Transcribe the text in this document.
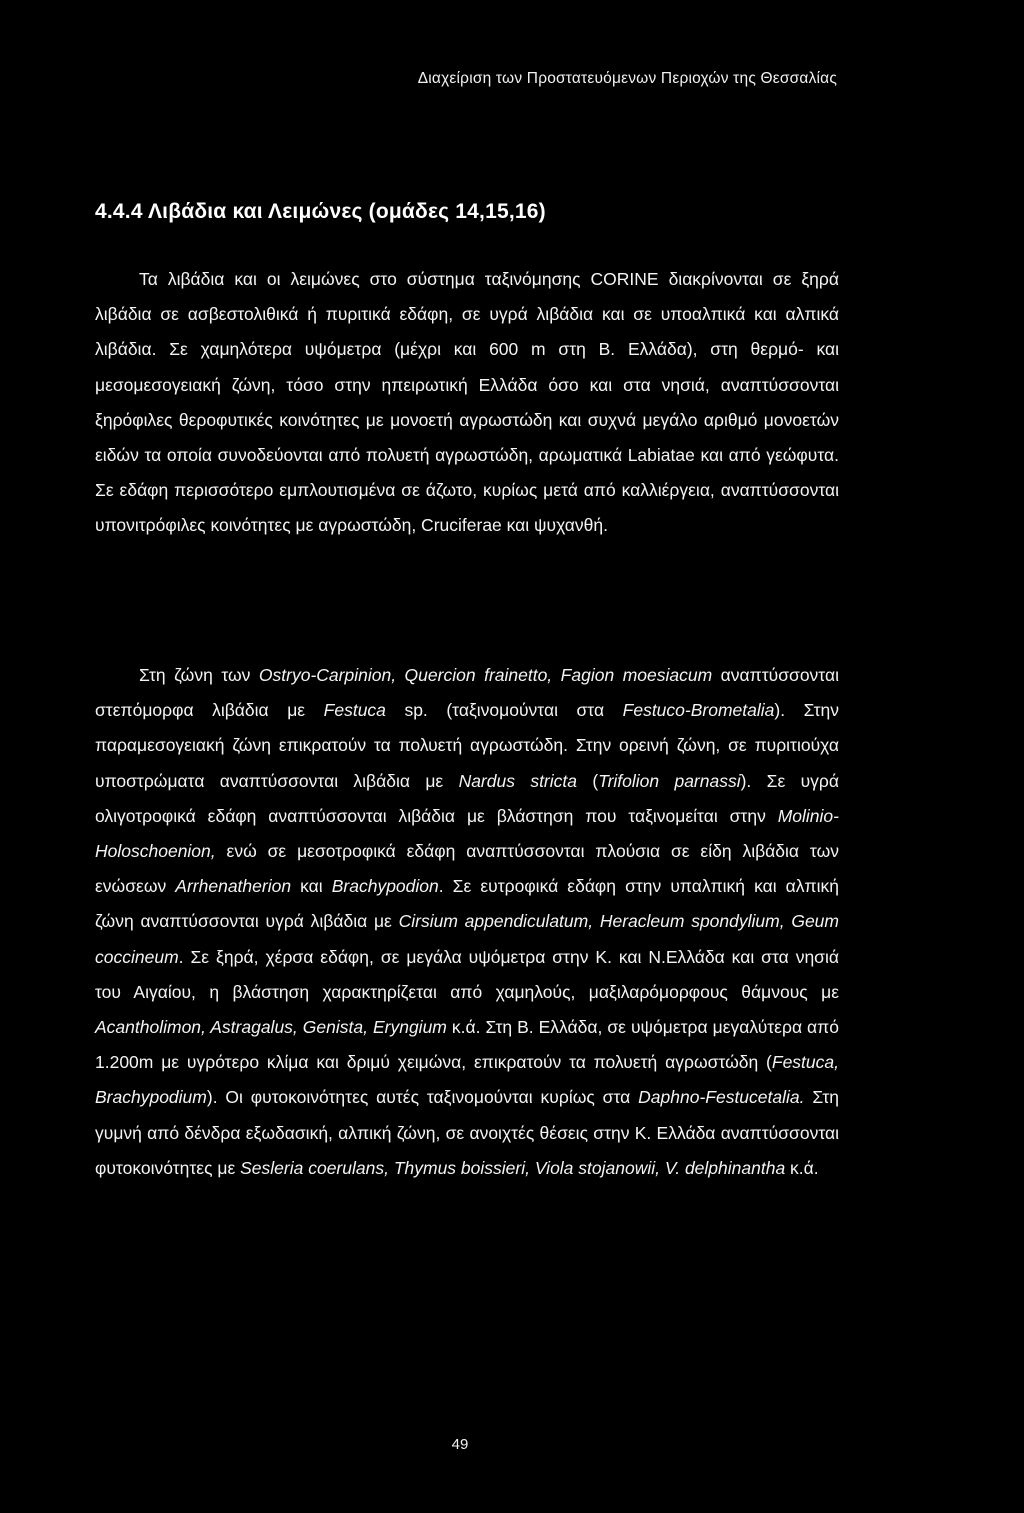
Διαχείριση των Προστατευόμενων Περιοχών της Θεσσαλίας
4.4.4 Λιβάδια και Λειμώνες (ομάδες 14,15,16)

Τα λιβάδια και οι λειμώνες στο σύστημα ταξινόμησης CORINE διακρίνονται σε ξηρά λιβάδια σε ασβεστολιθικά ή πυριτικά εδάφη, σε υγρά λιβάδια και σε υποαλπικά και αλπικά λιβάδια. Σε χαμηλότερα υψόμετρα (μέχρι και 600 m στη Β. Ελλάδα), στη θερμό- και μεσομεσογειακή ζώνη, τόσο στην ηπειρωτική Ελλάδα όσο και στα νησιά, αναπτύσσονται ξηρόφιλες θεροφυτικές κοινότητες με μονοετή αγρωστώδη και συχνά μεγάλο αριθμό μονοετών ειδών τα οποία συνοδεύονται από πολυετή αγρωστώδη, αρωματικά Labiatae και από γεώφυτα. Σε εδάφη περισσότερο εμπλουτισμένα σε άζωτο, κυρίως μετά από καλλιέργεια, αναπτύσσονται υπονιτρόφιλες κοινότητες με αγρωστώδη, Cruciferae και ψυχανθή.

Στη ζώνη των Ostryo-Carpinion, Quercion frainetto, Fagion moesiacum αναπτύσσονται στεπόμορφα λιβάδια με Festuca sp. (ταξινομούνται στα Festuco-Brometalia). Στην παραμεσογειακή ζώνη επικρατούν τα πολυετή αγρωστώδη. Στην ορεινή ζώνη, σε πυριτιούχα υποστρώματα αναπτύσσονται λιβάδια με Nardus stricta (Trifolion parnassi). Σε υγρά ολιγοτροφικά εδάφη αναπτύσσονται λιβάδια με βλάστηση που ταξινομείται στην Molinio-Holoschoenion, ενώ σε μεσοτροφικά εδάφη αναπτύσσονται πλούσια σε είδη λιβάδια των ενώσεων Arrhenatherion και Brachypodion. Σε ευτροφικά εδάφη στην υπαλπική και αλπική ζώνη αναπτύσσονται υγρά λιβάδια με Cirsium appendiculatum, Heracleum spondylium, Geum coccineum. Σε ξηρά, χέρσα εδάφη, σε μεγάλα υψόμετρα στην Κ. και Ν.Ελλάδα και στα νησιά του Αιγαίου, η βλάστηση χαρακτηρίζεται από χαμηλούς, μαξιλαρόμορφους θάμνους με Acantholimon, Astragalus, Genista, Eryngium κ.ά. Στη Β. Ελλάδα, σε υψόμετρα μεγαλύτερα από 1.200m με υγρότερο κλίμα και δριμύ χειμώνα, επικρατούν τα πολυετή αγρωστώδη (Festuca, Brachypodium). Οι φυτοκοινότητες αυτές ταξινομούνται κυρίως στα Daphno-Festucetalia. Στη γυμνή από δένδρα εξωδασική, αλπική ζώνη, σε ανοιχτές θέσεις στην Κ. Ελλάδα αναπτύσσονται φυτοκοινότητες με Sesleria coerulans, Thymus boissieri, Viola stojanowii, V. delphinantha κ.ά.

49
